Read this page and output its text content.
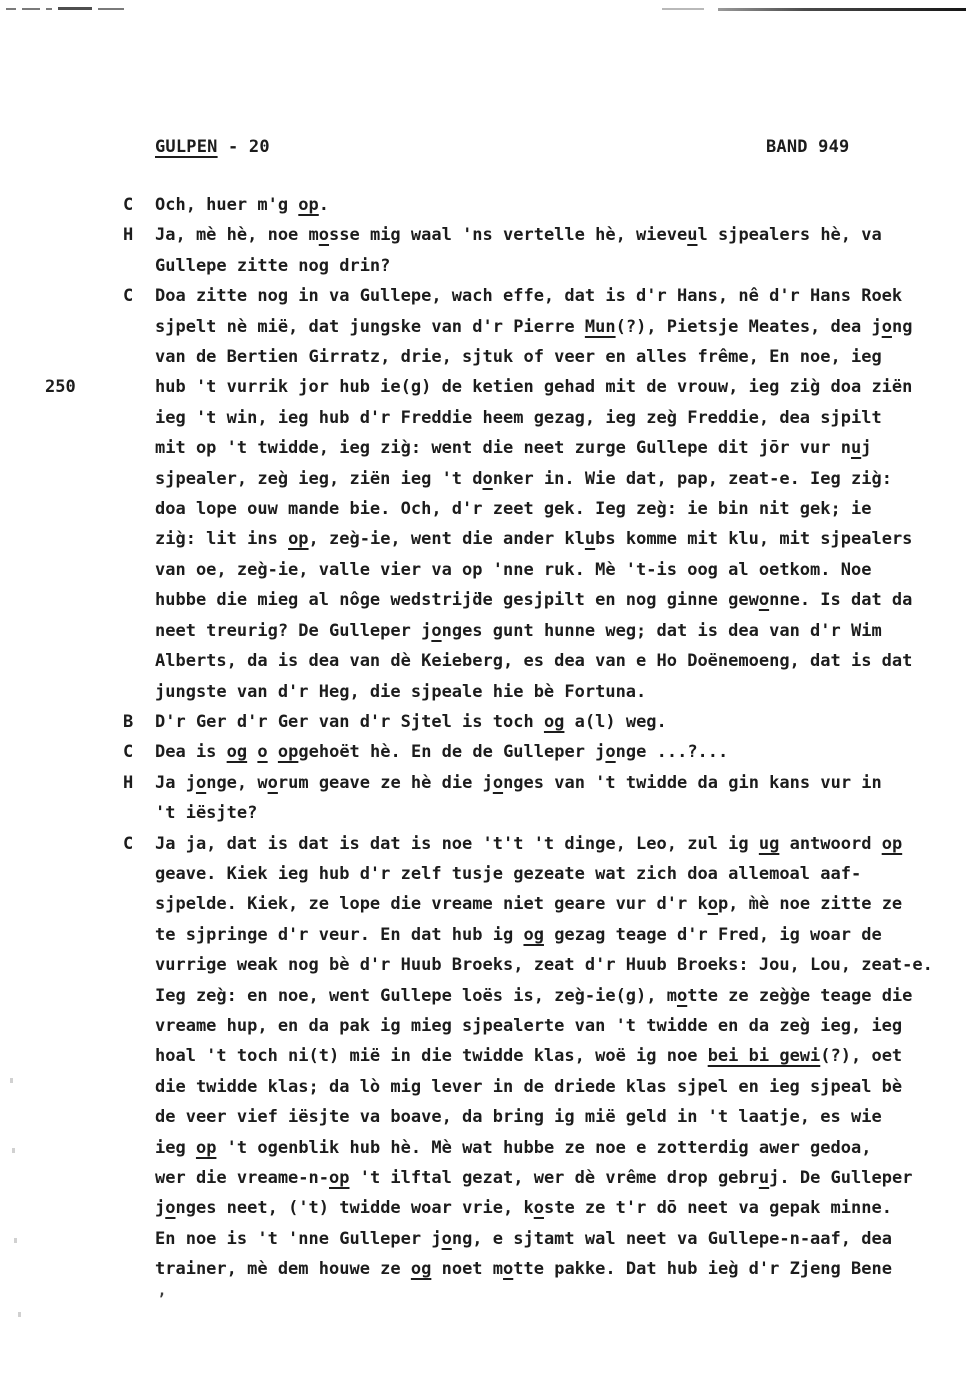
GULPEN - 20	BAND 949
250
C	Och, huer m'g op.
H	Ja, mè hè, noe mosse mig waal 'ns vertelle hè, wieveul sjpealers hè, va
Gullepe zitte nog drin?
C	Doa zitte nog in va Gullepe, wach effe, dat is d'r Hans, nê d'r Hans Roek
sjpelt nè mië, dat jungske van d'r Pierre Mun(?), Pietsje Meates, dea jong
van de Bertien Girratz, drie, sjtuk of veer en alles frême, En noe, ieg
hub 't vurrik jor hub ie(g) de ketien gehad mit de vrouw, ieg zig̀ doa ziën
ieg 't win, ieg hub d'r Freddie heem gezag, ieg zeg̀ Freddie, dea sjpilt
mit op 't twidde, ieg zig̀: went die neet zurge Gullepe dit jōr vur nuj
sjpealer, zeg̀ ieg, ziën ieg 't donker in. Wie dat, pap, zeat-e. Ieg zig̀:
doa lope ouw mande bie. Och, d'r zeet gek. Ieg zeg̀: ie bin nit gek; ie
zig̀: lit ins op, zeg̀-ie, went die ander klubs komme mit klu, mit sjpealers
van oe, zeg̀-ie, valle vier va op 'nne ruk. Mè 't-is oog al oetkom. Noe
hubbe die mieg al nôge wedstrij̈de gesjpilt en nog ginne gewonne. Is dat da
neet treurig? De Gulleper jonges gunt hunne weg; dat is dea van d'r Wim
Alberts, da is dea van dè Keieberg, es dea van e Ho Doënemoeng, dat is dat
jungste van d'r Heg, die sjpeale hie bè Fortuna.
B	D'r Ger d'r Ger van d'r Sjtel is toch og a(l) weg.
C	Dea is og o opgehoët hè. En de de Gulleper jonge ...?...
H	Ja jonge, worum geave ze hè die jonges van 't twidde da gin kans vur in
't iësjte?
C	Ja ja, dat is dat is dat is noe 't't 't dinge, Leo, zul ig ug antwoord op
geave. Kiek ieg hub d'r zelf tusje gezeate wat zich doa allemoal aaf-
sjpelde. Kiek, ze lope die vreame niet geare vur d'r kop, m̀è noe zitte ze
te sjpringe d'r veur. En dat hub ig og gezag teage d'r Fred, ig woar de
vurrige weak nog bè d'r Huub Broeks, zeat d'r Huub Broeks: Jou, Lou, zeat-e.
Ieg zeg̀: en noe, went Gullepe loës is, zeg̀-ie(g), motte ze zeg̀g̀e teage die
vreame hup, en da pak ig mieg sjpealerte van 't twidde en da zeg̀ ieg, ieg
hoal 't toch ni(t) mië in die twidde klas, woë ig noe bei bi gewi(?), oet
die twidde klas; da lò mig lever in de driede klas sjpel en ieg sjpeal bè
de veer vief iësjte va boave, da bring ig mië geld in 't laatje, es wie
ieg op 't ogenblik hub hè. Mè wat hubbe ze noe e zotterdig awer gedoa,
wer die vreame-n-op 't ilftal gezat, wer dè vrême drop gebruj. De Gulleper
jonges neet, ('t) twidde woar vrie, koste ze t'r dō neet va gepak minne.
En noe is 't 'nne Gulleper jong, e sjtamt wal neet va Gullepe-n-aaf, dea
trainer, mè dem houwe ze og noet motte pakke. Dat hub ieg̀ d'r Zjeng Bene
’
